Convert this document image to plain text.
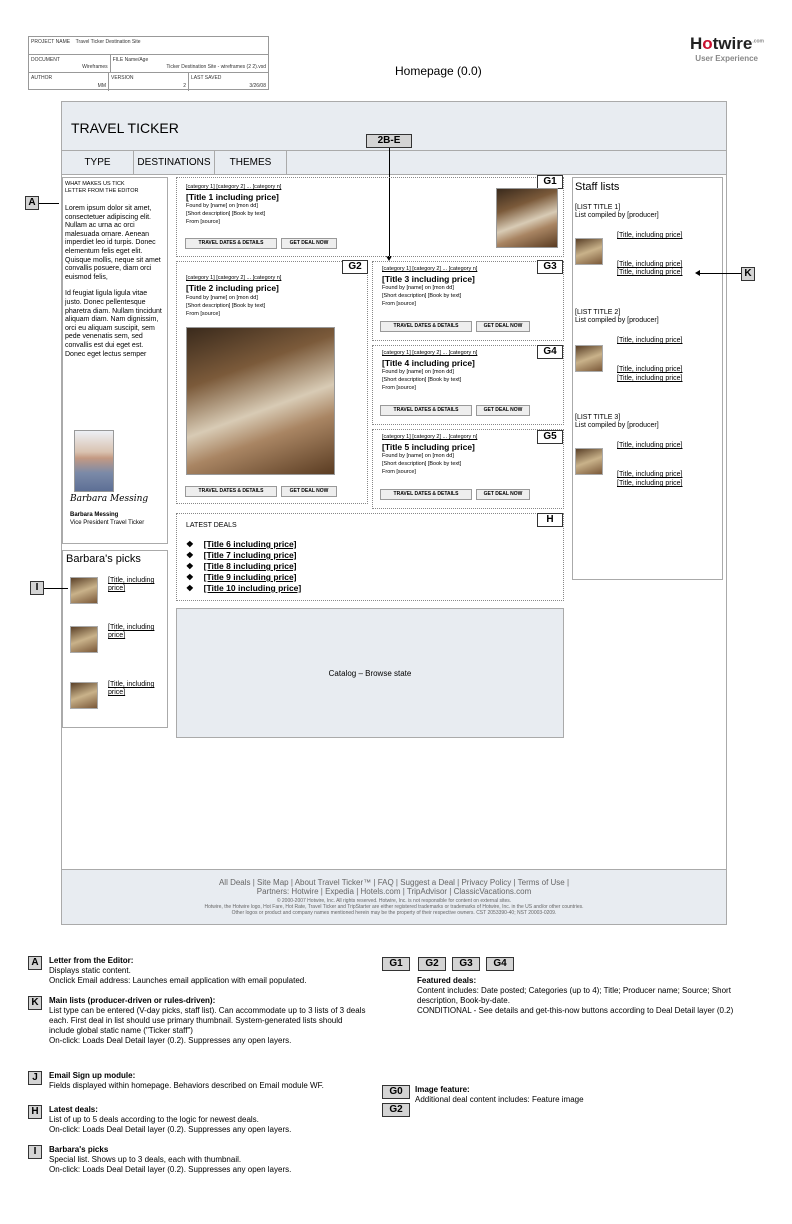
PROJECT NAME Travel Ticker Destination Site
DOCUMENT
Wireframes
FILE Name/Age
Ticker Destination Site - wireframes (2 2).vsd
AUTHOR
MM
VERSION
2
LAST SAVED
3/26/08
Hotwire$^{.com}$
User Experience
Homepage (0.0)
TRAVEL TICKER
TYPE	DESTINATIONS	THEMES
2B-E
WHAT MAKES US TICK
LETTER FROM THE EDITOR

Lorem ipsum dolor sit amet, consectetuer adipiscing elit. Nullam ac urna ac orci malesuada ornare. Aenean imperdiet leo id turpis. Donec elementum felis eget elit. Quisque mollis, neque sit amet convallis posuere, diam orci euismod felis,

Id feugiat ligula ligula vitae justo. Donec pellentesque pharetra diam. Nullam tincidunt aliquam diam. Nam dignissim, orci eu aliquam suscipit, sem pede venenatis sem, sed convallis est dui eget est. Donec eget lectus semper

Barbara Messing
Barbara Messing
Vice President Travel Ticker
A
Barbara's picks
[Title, including price]
[Title, including price]
[Title, including price]
I
G1
[category 1] [category 2] ... [category n]
[Title 1 including price]
Found by [name] on [mon dd]
[Short description] [Book by text]
From [source]
TRAVEL DATES & DETAILS	GET DEAL NOW
G2
[category 1] [category 2] ... [category n]
[Title 2 including price]
Found by [name] on [mon dd]
[Short description] [Book by text]
From [source]
TRAVEL DATES & DETAILS	GET DEAL NOW
G3
[category 1] [category 2] ... [category n]
[Title 3 including price]
Found by [name] on [mon dd]
[Short description] [Book by text]
From [source]
TRAVEL DATES & DETAILS	GET DEAL NOW
G4
[category 1] [category 2] ... [category n]
[Title 4 including price]
Found by [name] on [mon dd]
[Short description] [Book by text]
From [source]
TRAVEL DATES & DETAILS	GET DEAL NOW
G5
[category 1] [category 2] ... [category n]
[Title 5 including price]
Found by [name] on [mon dd]
[Short description] [Book by text]
From [source]
TRAVEL DATES & DETAILS	GET DEAL NOW
H
LATEST DEALS
❖ [Title 6 including price]
❖ [Title 7 including price]
❖ [Title 8 including price]
❖ [Title 9 including price]
❖ [Title 10 including price]
Catalog – Browse state
Staff lists
[LIST TITLE 1]
List compiled by [producer]
[Title, including price]
[Title, including price]
[Title, including price]
[LIST TITLE 2]
List compiled by [producer]
[Title, including price]
[Title, including price]
[Title, including price]
[LIST TITLE 3]
List compiled by [producer]
[Title, including price]
[Title, including price]
[Title, including price]
K
All Deals | Site Map | About Travel Ticker™ | FAQ | Suggest a Deal | Privacy Policy | Terms of Use |
Partners: Hotwire | Expedia | Hotels.com | TripAdvisor | ClassicVacations.com
© 2000-2007 Hotwire, Inc. All rights reserved. Hotwire, Inc. is not responsible for content on external sites.
Hotwire, the Hotwire logo, Hot Fare, Hot Rate, Travel Ticker and TripStarter are either registered trademarks or trademarks of Hotwire, Inc. in the US and/or other countries.
Other logos or product and company names mentioned herein may be the property of their respective owners. CST 2053390-40; NST 20003-0209.
A	Letter from the Editor:

Displays static content.

Onclick Email address: Launches email application with email populated.

K	Main lists (producer-driven or rules-driven):

List type can be entered (V-day picks, staff list). Can accommodate up to 3 lists of 3 deals each. First deal in list should use primary thumbnail. System-generated lists should include global static name ("Ticker staff")

On-click: Loads Deal Detail layer (0.2). Suppresses any open layers.

J	Email Sign up module:

Fields displayed within homepage. Behaviors described on Email module WF.

H	Latest deals:

List of up to 5 deals according to the logic for newest deals.

On-click: Loads Deal Detail layer (0.2). Suppresses any open layers.

I	Barbara's picks

Special list. Shows up to 3 deals, each with thumbnail.

On-click: Loads Deal Detail layer (0.2). Suppresses any open layers.

G1	G2	G3	G4

Featured deals:

Content includes: Date posted; Categories (up to 4); Title; Producer name; Source; Short description, Book-by-date.

CONDITIONAL - See details and get-this-now buttons according to Deal Detail layer (0.2)

G0
G2

Image feature:

Additional deal content includes: Feature image
